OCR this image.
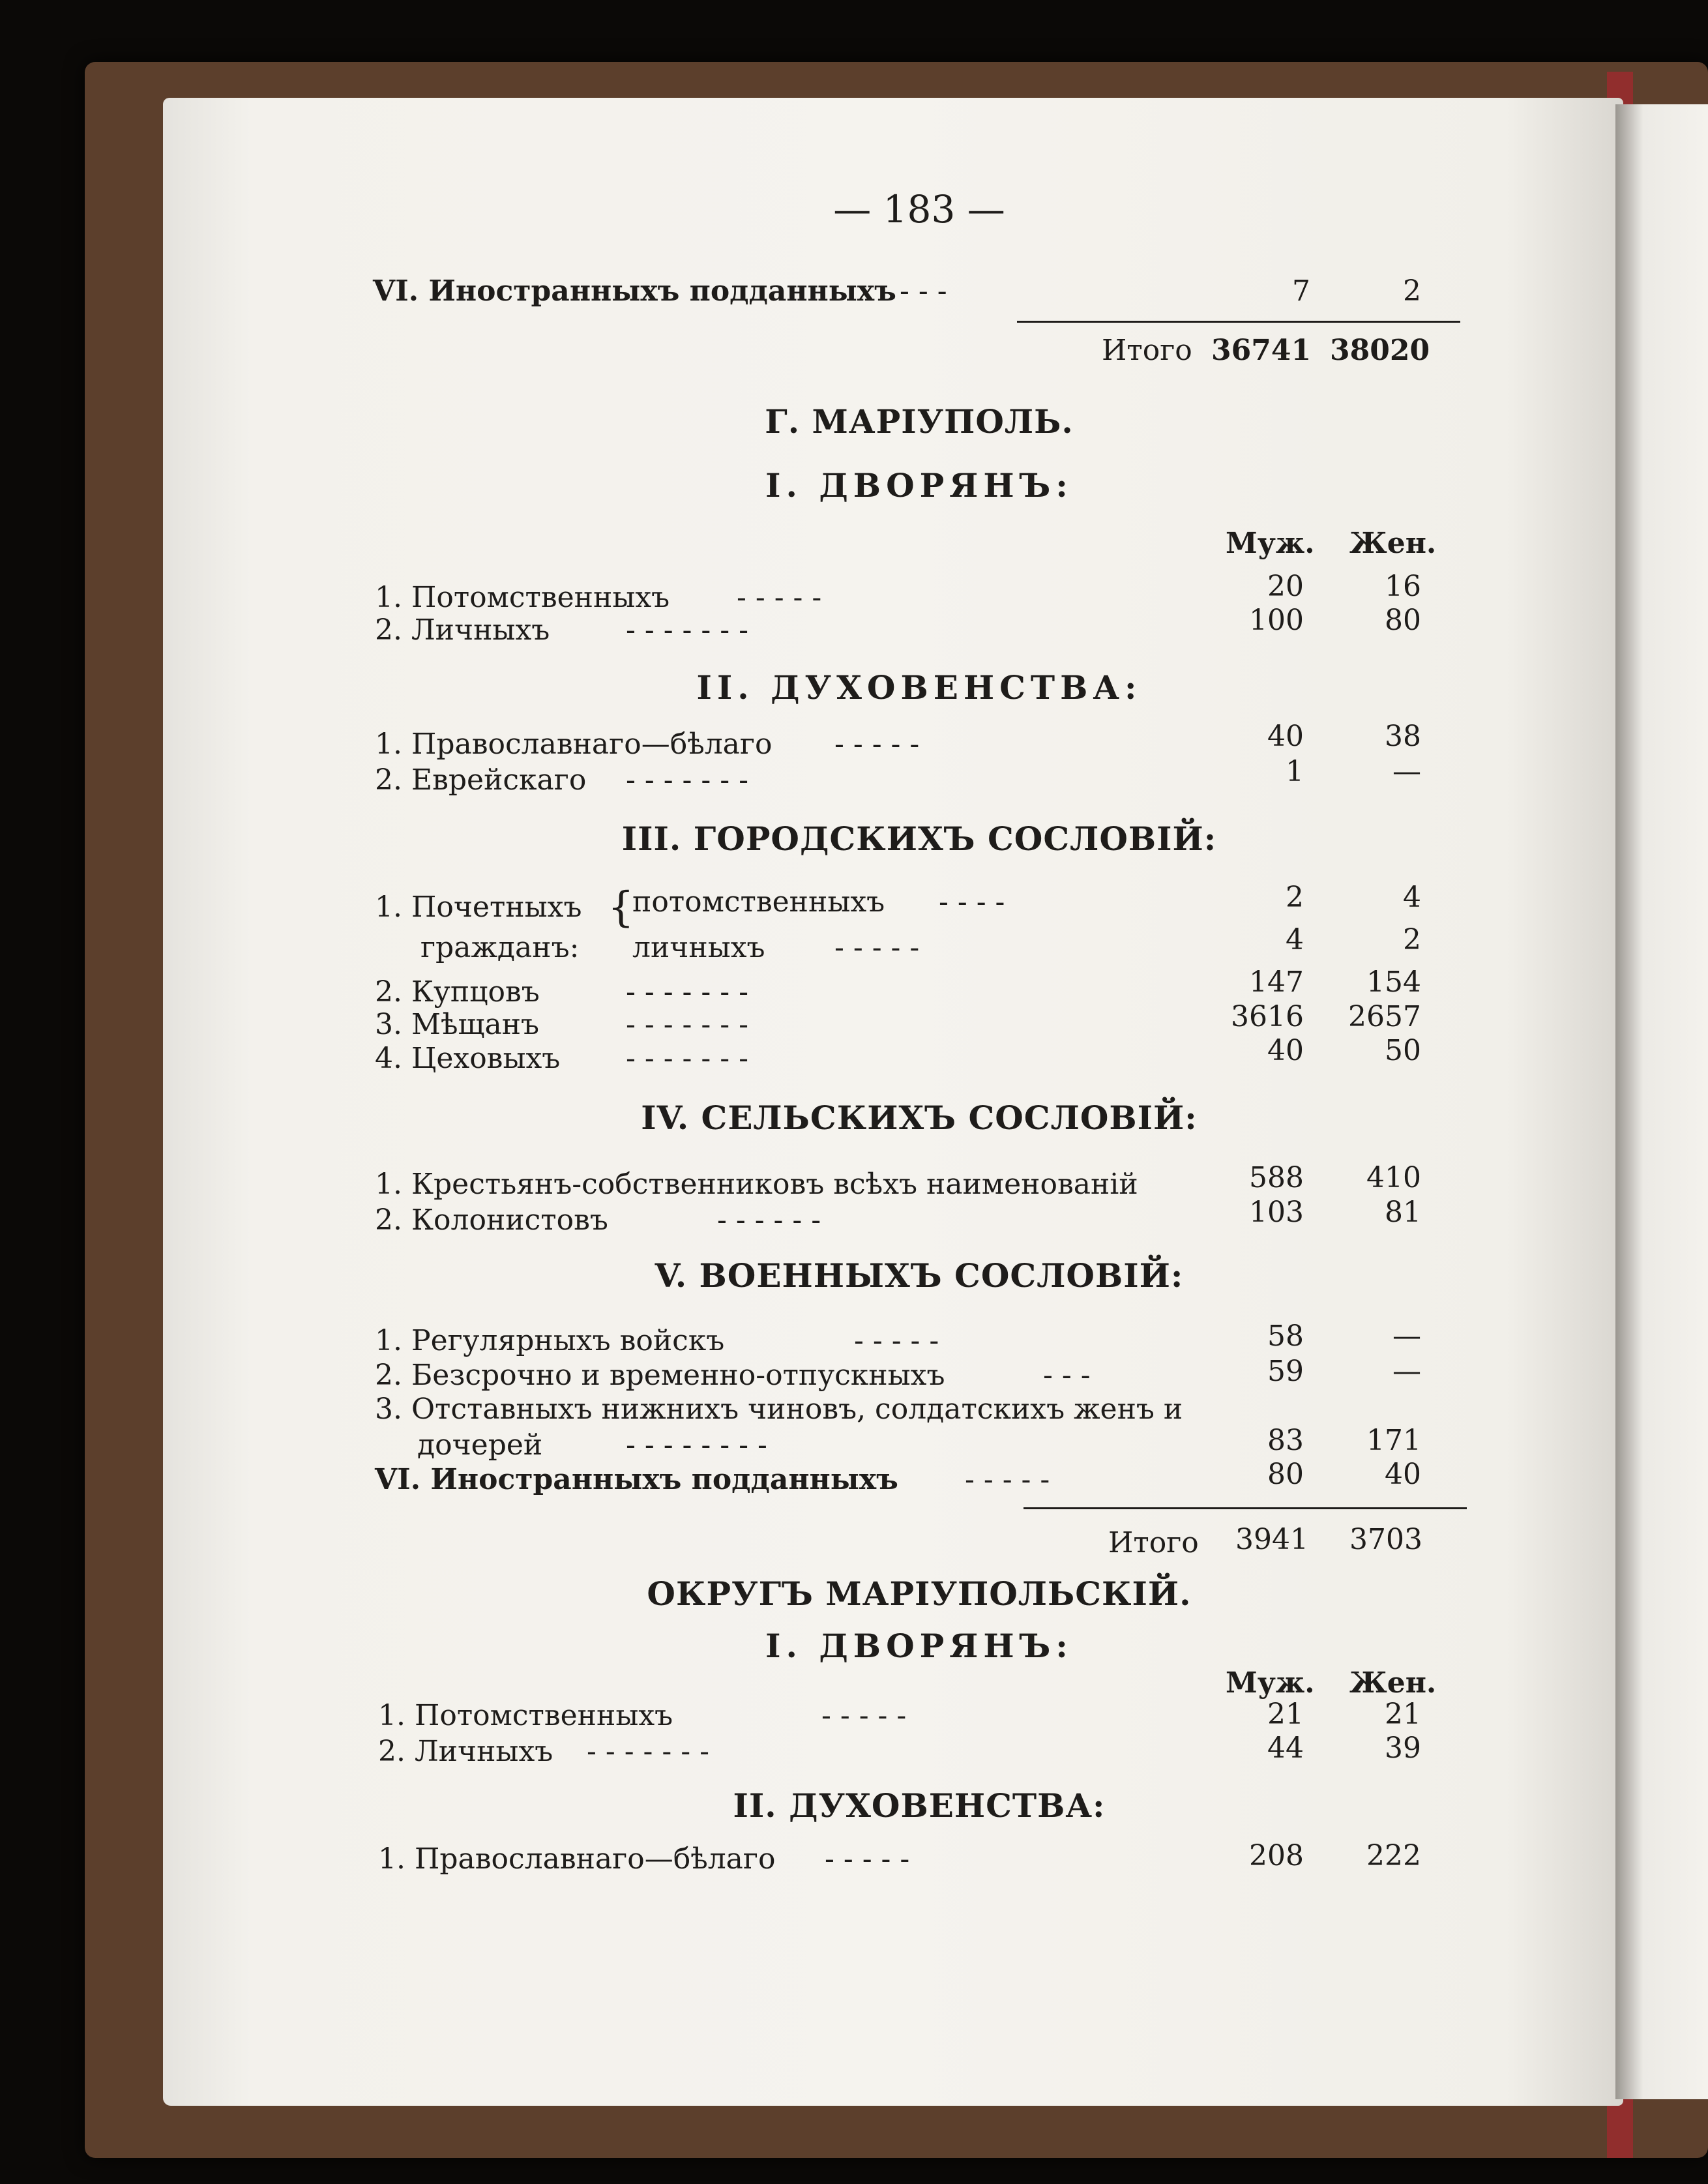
— 183 —
VI. Иностранныхъ подданныхъ - - -	7	2
Итого 36741 38020
Г. МАРІУПОЛЬ.
I. ДВОРЯНЪ:
Муж. Жен.
1. Потомственныхъ - - - - -	20	16
2. Личныхъ	- - - - - - -	100	80
II. ДУХОВЕНСТВА:
1. Православнаго—бѣлаго - - - - -	40	38
2. Еврейскаго - - - - - - -	1	—
III. ГОРОДСКИХЪ СОСЛОВІЙ:
1. Почетныхъ
гражданъ:
{
потомственныхъ - - - -	2	4
личныхъ - - - - -	4	2
2. Купцовъ	- - - - - - -	147	154
3. Мѣщанъ	- - - - - - -	3616	2657
4. Цеховыхъ - - - - - - -	40	50
IV. СЕЛЬСКИХЪ СОСЛОВІЙ:
1. Крестьянъ-собственниковъ всѣхъ наименованій	588	410
2. Колонистовъ	- - - - - -	103	81
V. ВОЕННЫХЪ СОСЛОВІЙ:
1. Регулярныхъ войскъ	- - - - -	58	—
2. Безсрочно и временно-отпускныхъ	- - -	59	—
3. Отставныхъ нижнихъ чиновъ, солдатскихъ женъ и
дочерей	- - - - - - - -	83	171
VI. Иностранныхъ подданныхъ - - - - -	80	40
Итого 3941 3703
ОКРУГЪ МАРІУПОЛЬСКІЙ.
I. ДВОРЯНЪ:
Муж. Жен.
1. Потомственныхъ	- - - - -	21	21
2. Личныхъ - - - - - - -	44	39
II. ДУХОВЕНСТВА:
1. Православнаго—бѣлаго - - - - -	208	222
